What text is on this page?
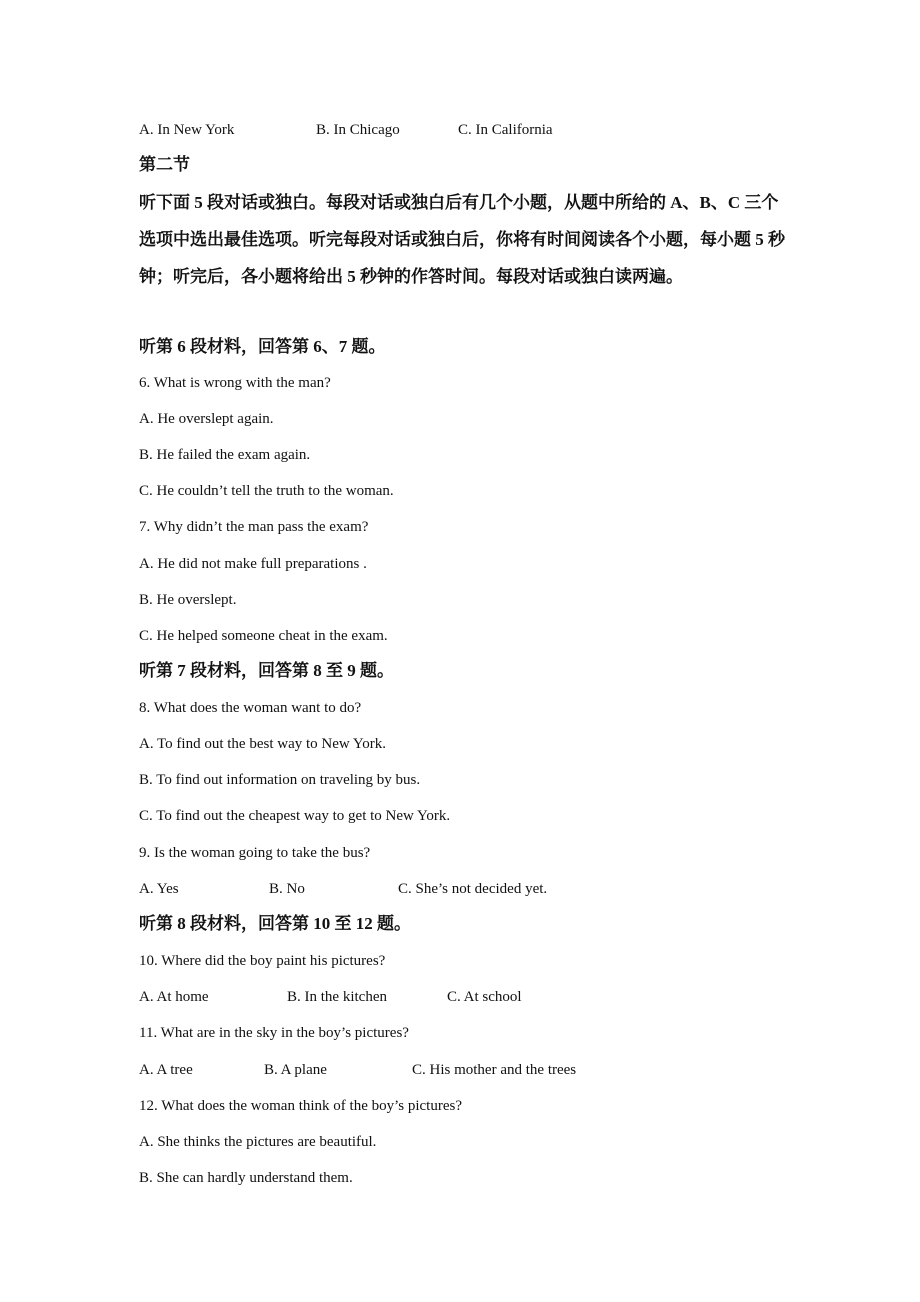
A. In New York	B. In Chicago	C. In California
第二节
听下面 5 段对话或独白。每段对话或独白后有几个小题，从题中所给的 A、B、C 三个选项中选出最佳选项。听完每段对话或独白后，你将有时间阅读各个小题，每小题 5 秒钟；听完后，各小题将给出 5 秒钟的作答时间。每段对话或独白读两遍。
听第 6 段材料，回答第 6、7 题。
6. What is wrong with the man?
A. He overslept again.
B. He failed the exam again.
C. He couldn’t tell the truth to the woman.
7. Why didn’t the man pass the exam?
A. He did not make full preparations .
B. He overslept.
C. He helped someone cheat in the exam.
听第 7 段材料，回答第 8 至 9 题。
8. What does the woman want to do?
A. To find out the best way to New York.
B. To find out information on traveling by bus.
C. To find out the cheapest way to get to New York.
9. Is the woman going to take the bus?
A. Yes	B. No	C. She’s not decided yet.
听第 8 段材料，回答第 10 至 12 题。
10. Where did the boy paint his pictures?
A. At home	B. In the kitchen	C. At school
11. What are in the sky in the boy’s pictures?
A. A tree	B. A plane	C. His mother and the trees
12. What does the woman think of the boy’s pictures?
A. She thinks the pictures are beautiful.
B. She can hardly understand them.
